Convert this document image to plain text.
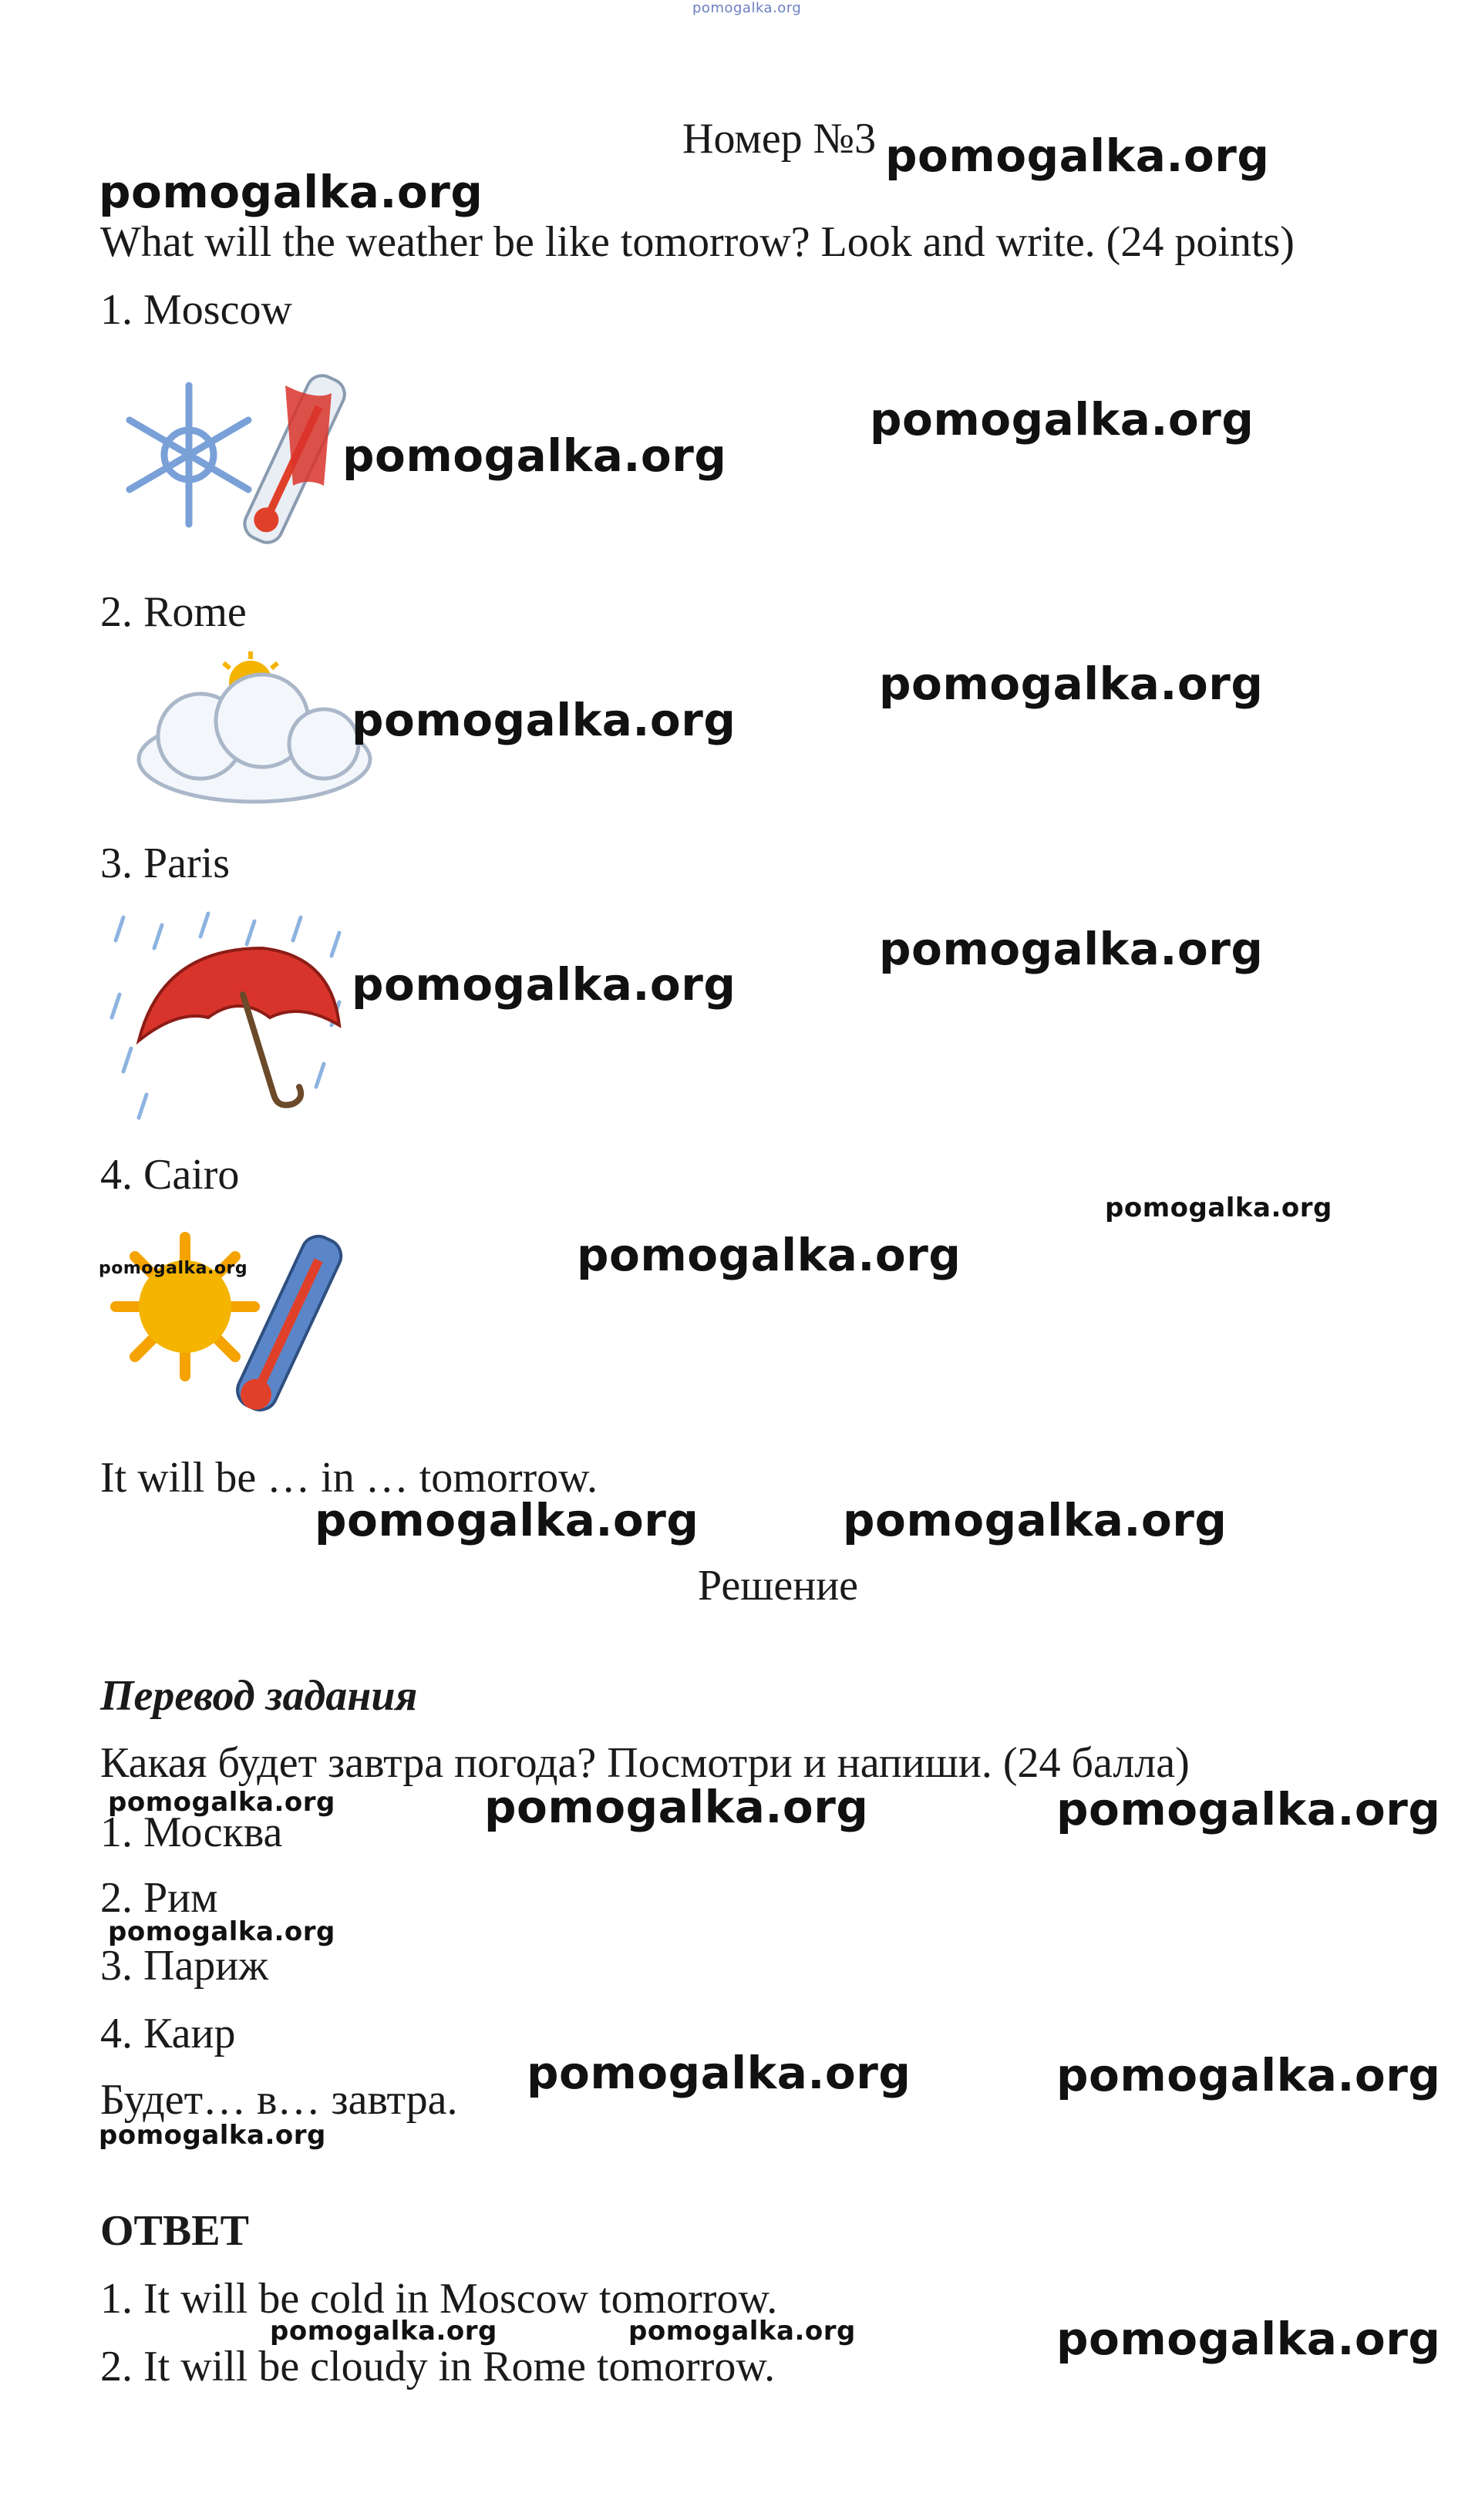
pomogalka.org
Номер №3 pomogalka.org
pomogalka.org
What will the weather be like tomorrow? Look and write. (24 points)
1. Moscow
pomogalka.org
pomogalka.org
2. Rome
pomogalka.org
pomogalka.org
3. Paris
pomogalka.org
pomogalka.org
4. Cairo
pomogalka.org
pomogalka.org	pomogalka.org
It will be … in … tomorrow.
pomogalka.org	pomogalka.org
Решение
Перевод задания
Какая будет завтра погода? Посмотри и напиши. (24 балла)
pomogalka.org	pomogalka.org	pomogalka.org
1. Москва
2. Рим
pomogalka.org
3. Париж
4. Каир
Будет… в… завтра.
pomogalka.org	pomogalka.org
pomogalka.org
ОТВЕТ
1. It will be cold in Moscow tomorrow.
pomogalka.org	pomogalka.org	pomogalka.org
2. It will be cloudy in Rome tomorrow.
